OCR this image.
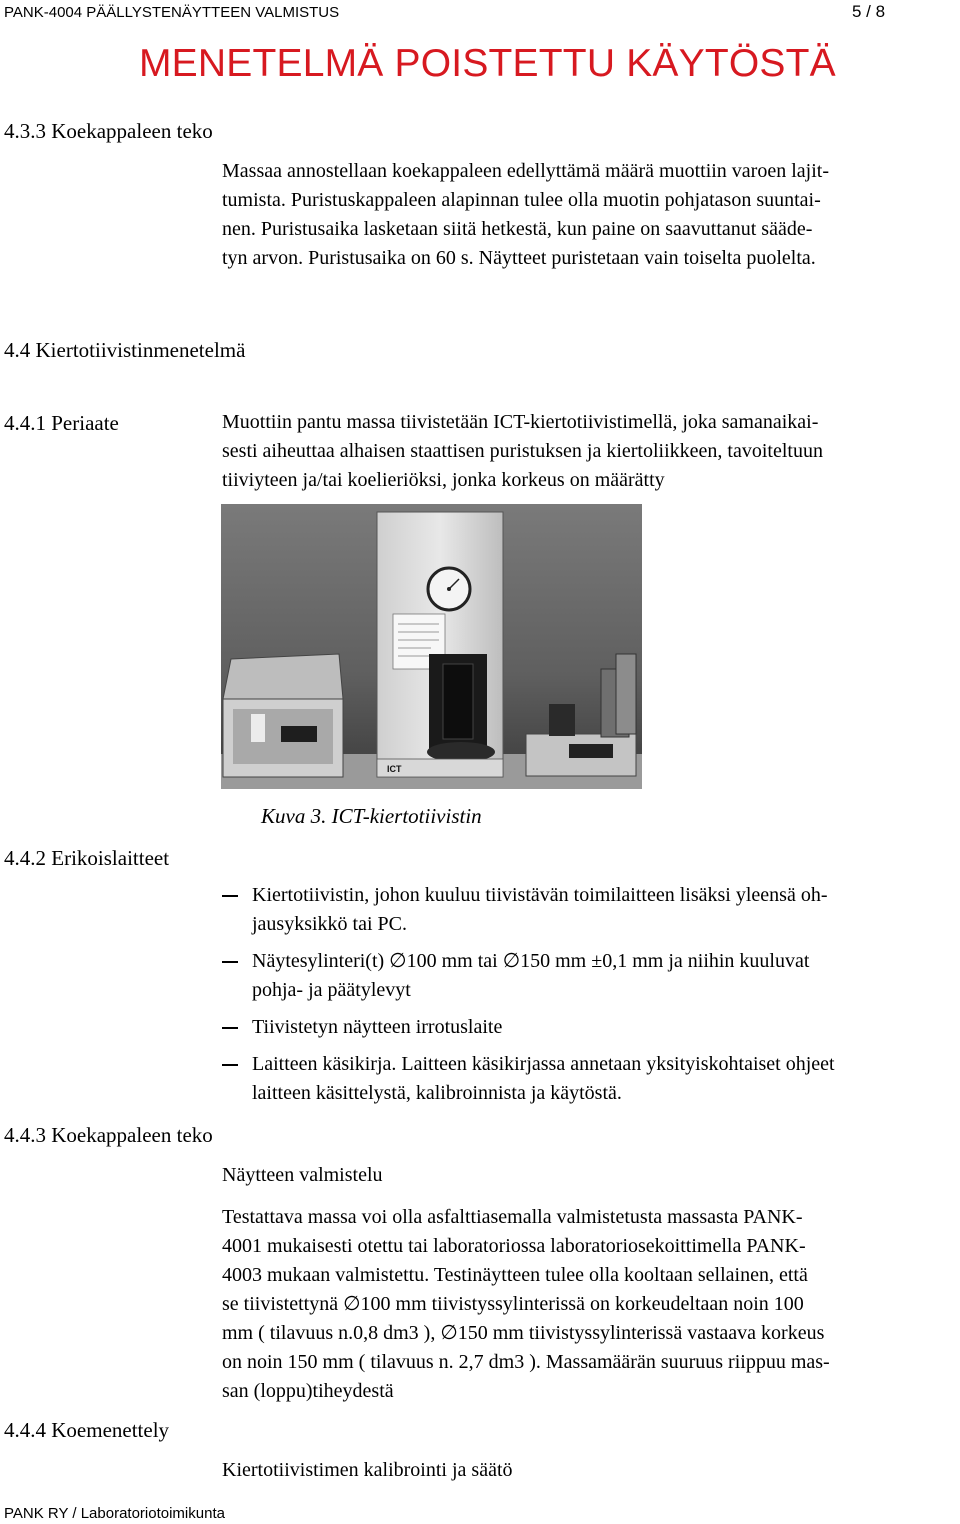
PANK-4004 PÄÄLLYSTENÄYTTEEN VALMISTUS	5 / 8
MENETELMÄ POISTETTU KÄYTÖSTÄ
4.3.3 Koekappaleen teko
Massaa annostellaan koekappaleen edellyttämä määrä muottiin varoen lajit-
tumista. Puristuskappaleen alapinnan tulee olla muotin pohjatason suuntai-
nen. Puristusaika lasketaan siitä hetkestä, kun paine on saavuttanut sääde-
tyn arvon. Puristusaika on 60 s. Näytteet puristetaan vain toiselta puolelta.
4.4 Kiertotiivistinmenetelmä
4.4.1 Periaate	Muottiin pantu massa tiivistetään ICT-kiertotiivistimellä, joka samanaikai-
sesti aiheuttaa alhaisen staattisen puristuksen ja kiertoliikkeen, tavoiteltuun
tiiviyteen ja/tai koelieriöksi, jonka korkeus on määrätty
ICT
Kuva 3. ICT-kiertotiivistin
4.4.2 Erikoislaitteet
Kiertotiivistin, johon kuuluu tiivistävän toimilaitteen lisäksi yleensä oh-
jausyksikkö tai PC.
Näytesylinteri(t) ∅100 mm tai ∅150 mm ±0,1 mm ja niihin kuuluvat
pohja- ja päätylevyt
Tiivistetyn näytteen irrotuslaite
Laitteen käsikirja. Laitteen käsikirjassa annetaan yksityiskohtaiset ohjeet
laitteen käsittelystä, kalibroinnista ja käytöstä.
4.4.3 Koekappaleen teko
Näytteen valmistelu
Testattava massa voi olla asfalttiasemalla valmistetusta massasta PANK-
4001 mukaisesti otettu tai laboratoriossa laboratoriosekoittimella PANK-
4003 mukaan valmistettu. Testinäytteen tulee olla kooltaan sellainen, että
se tiivistettynä ∅100 mm tiivistyssylinterissä on korkeudeltaan noin 100
mm ( tilavuus n.0,8 dm3 ), ∅150 mm tiivistyssylinterissä vastaava korkeus
on noin 150 mm ( tilavuus n. 2,7 dm3 ). Massamäärän suuruus riippuu mas-
san (loppu)tiheydestä
4.4.4 Koemenettely
Kiertotiivistimen kalibrointi ja säätö
PANK RY / Laboratoriotoimikunta
